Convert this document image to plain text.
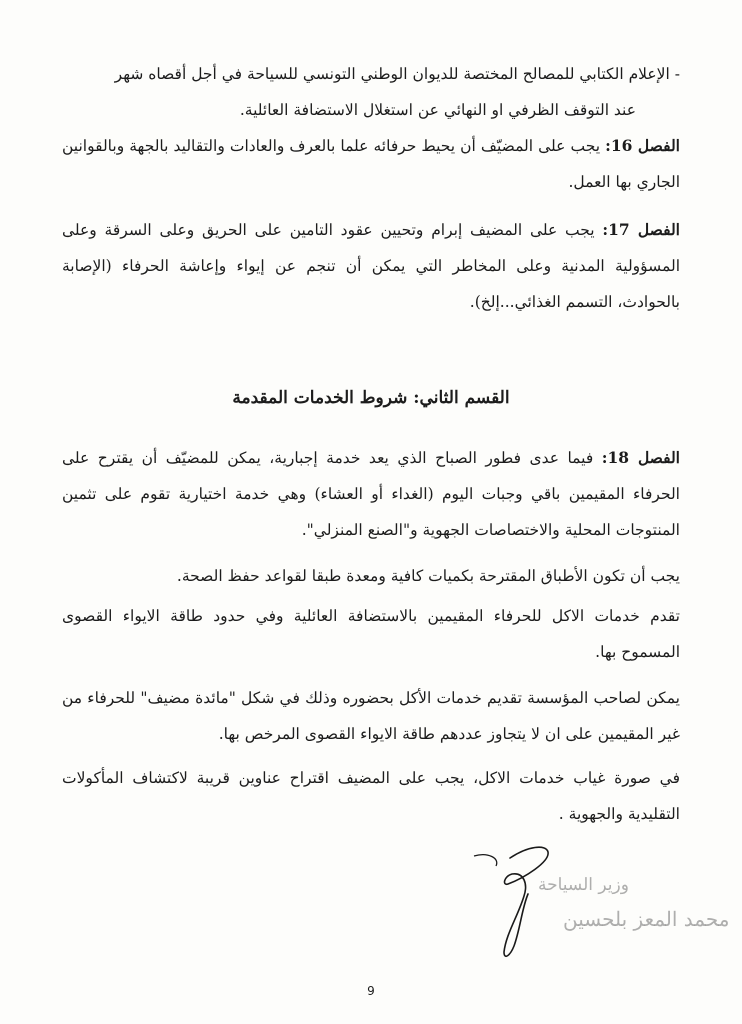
- الإعلام الكتابي للمصالح المختصة للديوان الوطني التونسي للسياحة في أجل أقصاه شهر
عند التوقف الظرفي او النهائي عن استغلال الاستضافة العائلية.
الفصل 16: يجب على المضيّف أن يحيط حرفائه علما بالعرف والعادات والتقاليد بالجهة وبالقوانين الجاري بها العمل.
الفصل 17: يجب على المضيف إبرام وتحيين عقود التامين على الحريق وعلى السرقة وعلى المسؤولية المدنية وعلى المخاطر التي يمكن أن تنجم عن إيواء وإعاشة الحرفاء (الإصابة بالحوادث، التسمم الغذائي...إلخ).
القسم الثاني: شروط الخدمات المقدمة
الفصل 18: فيما عدى فطور الصباح الذي يعد خدمة إجبارية، يمكن للمضيّف أن يقترح على الحرفاء المقيمين باقي وجبات اليوم (الغداء أو العشاء) وهي خدمة اختيارية تقوم على تثمين المنتوجات المحلية والاختصاصات الجهوية و"الصنع المنزلي".
يجب أن تكون الأطباق المقترحة بكميات كافية ومعدة طبقا لقواعد حفظ الصحة.
تقدم خدمات الاكل للحرفاء المقيمين بالاستضافة العائلية وفي حدود طاقة الايواء القصوى المسموح بها.
يمكن لصاحب المؤسسة تقديم خدمات الأكل بحضوره وذلك في شكل "مائدة مضيف" للحرفاء من غير المقيمين على ان لا يتجاوز عددهم طاقة الايواء القصوى المرخص بها.
في صورة غياب خدمات الاكل، يجب على المضيف اقتراح عناوين قريبة لاكتشاف المأكولات التقليدية والجهوية .
وزير السياحة
محمد المعز بلحسين
9
